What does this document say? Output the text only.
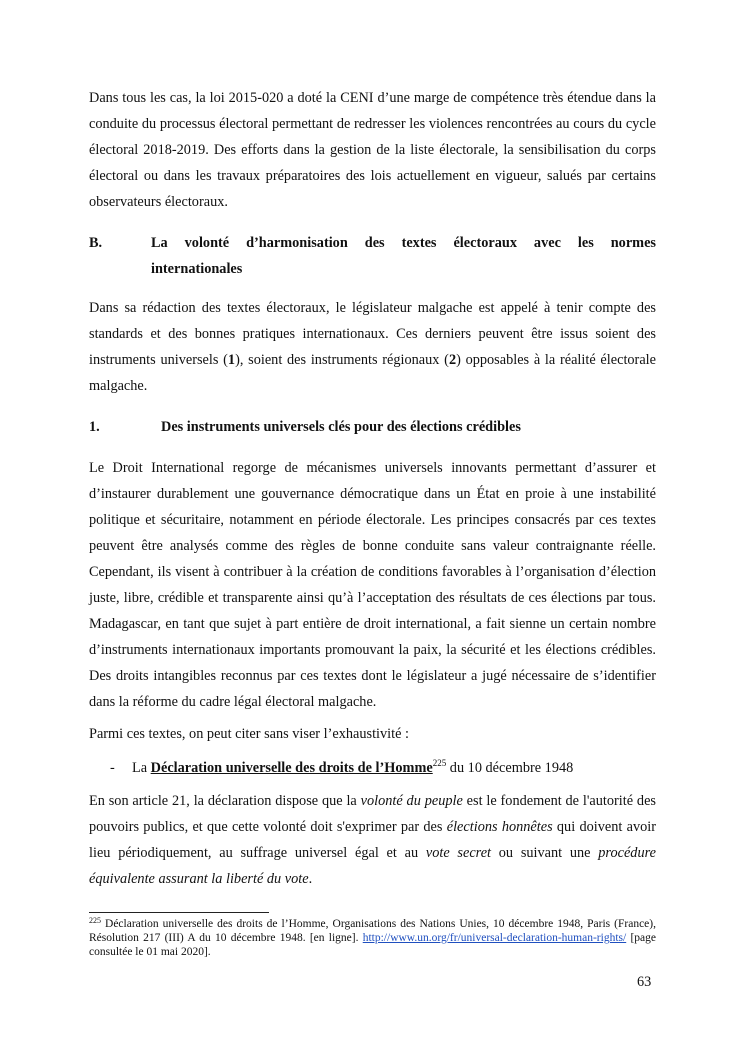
Dans tous les cas, la loi 2015-020 a doté la CENI d’une marge de compétence très étendue dans la conduite du processus électoral permettant de redresser les violences rencontrées au cours du cycle électoral 2018-2019. Des efforts dans la gestion de la liste électorale, la sensibilisation du corps électoral ou dans les travaux préparatoires des lois actuellement en vigueur, salués par certains observateurs électoraux.

B.	La volonté d’harmonisation des textes électoraux avec les normes
internationales

Dans sa rédaction des textes électoraux, le législateur malgache est appelé à tenir compte des standards et des bonnes pratiques internationaux. Ces derniers peuvent être issus soient des instruments universels (1), soient des instruments régionaux (2) opposables à la réalité électorale malgache.

1.	Des instruments universels clés pour des élections crédibles

Le Droit International regorge de mécanismes universels innovants permettant d’assurer et d’instaurer durablement une gouvernance démocratique dans un État en proie à une instabilité politique et sécuritaire, notamment en période électorale. Les principes consacrés par ces textes peuvent être analysés comme des règles de bonne conduite sans valeur contraignante réelle. Cependant, ils visent à contribuer à la création de conditions favorables à l’organisation d’élection juste, libre, crédible et transparente ainsi qu’à l’acceptation des résultats de ces élections par tous. Madagascar, en tant que sujet à part entière de droit international, a fait sienne un certain nombre d’instruments internationaux importants promouvant la paix, la sécurité et les élections crédibles. Des droits intangibles reconnus par ces textes dont le législateur a jugé nécessaire de s’identifier dans la réforme du cadre légal électoral malgache.

Parmi ces textes, on peut citer sans viser l’exhaustivité :

- La Déclaration universelle des droits de l’Homme$^{225}$ du 10 décembre 1948

En son article 21, la déclaration dispose que la volonté du peuple est le fondement de l'autorité des pouvoirs publics, et que cette volonté doit s'exprimer par des élections honnêtes qui doivent avoir lieu périodiquement, au suffrage universel égal et au vote secret ou suivant une procédure équivalente assurant la liberté du vote.

$^{225}$ Déclaration universelle des droits de l’Homme, Organisations des Nations Unies, 10 décembre 1948, Paris (France), Résolution 217 (III) A du 10 décembre 1948. [en ligne]. http://www.un.org/fr/universal-declaration-human-rights/ [page consultée le 01 mai 2020].

63
